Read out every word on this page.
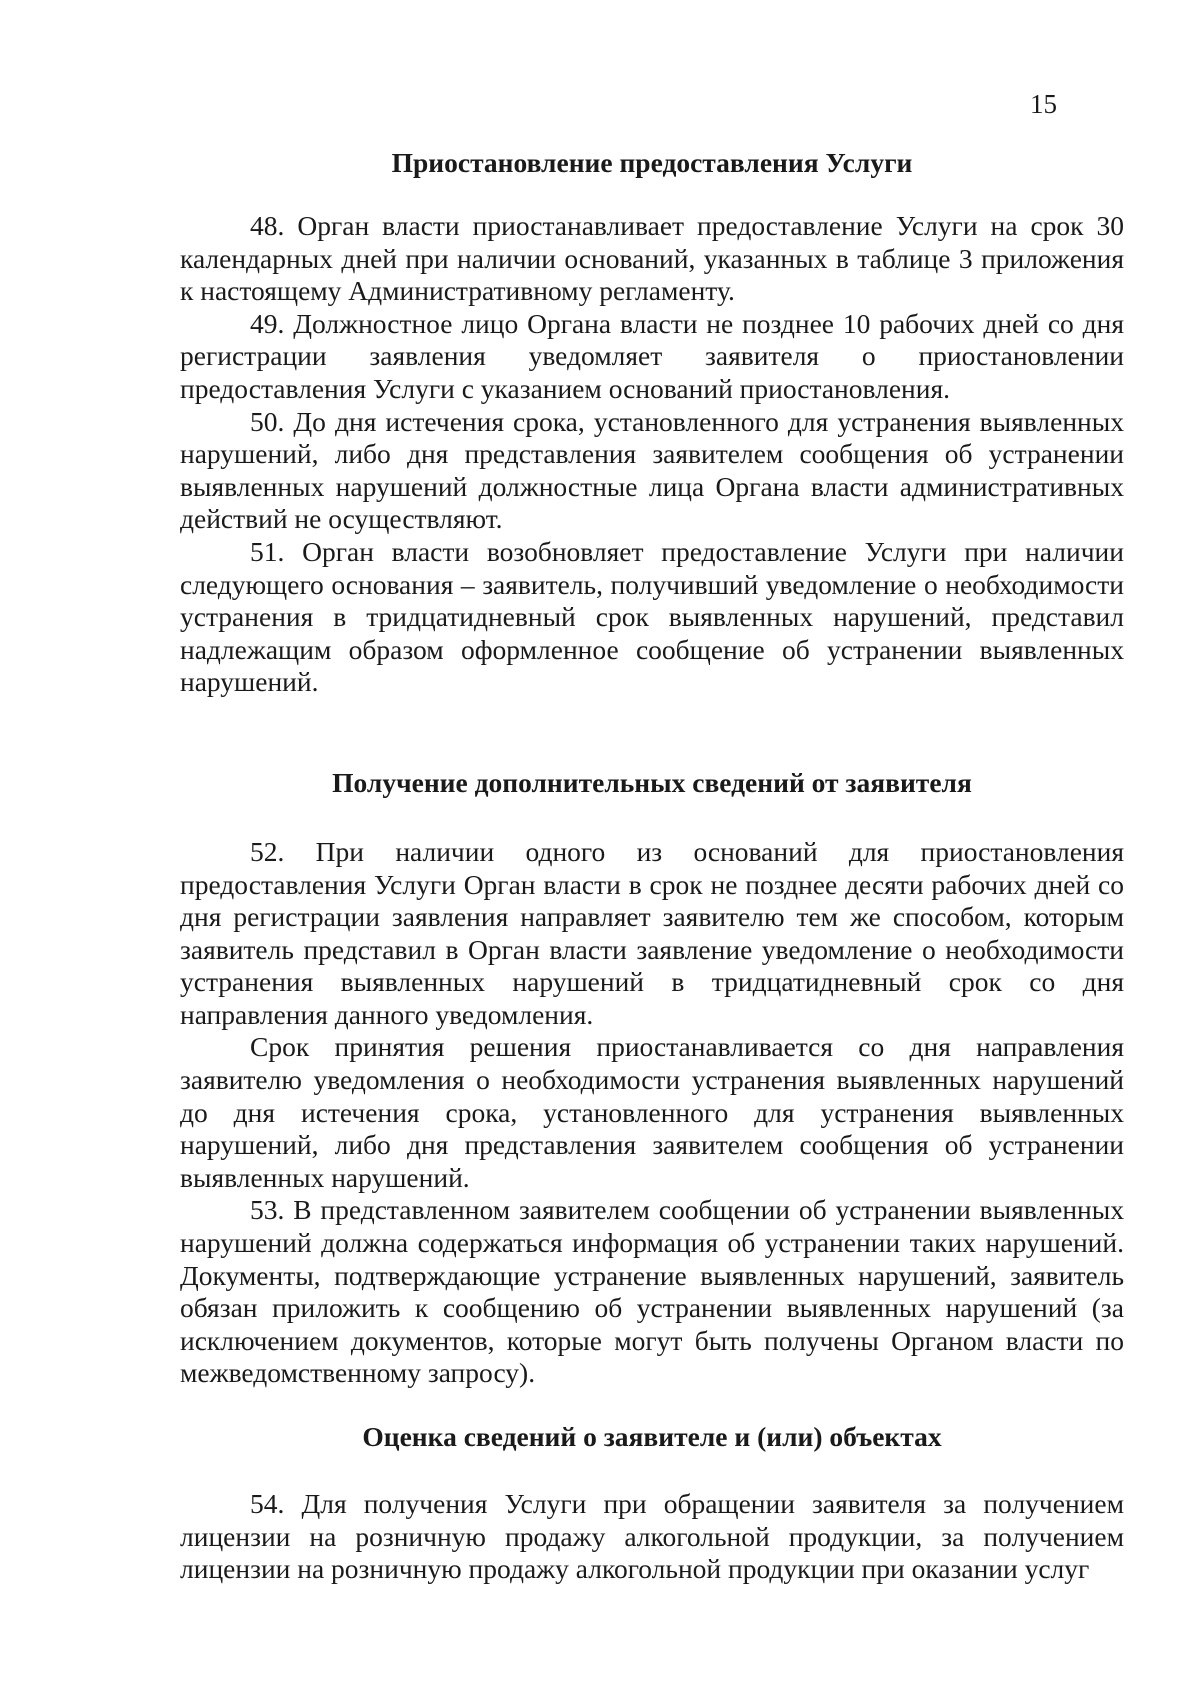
15
Приостановление предоставления Услуги

48. Орган власти приостанавливает предоставление Услуги на срок 30 календарных дней при наличии оснований, указанных в таблице 3 приложения к настоящему Административному регламенту.

49. Должностное лицо Органа власти не позднее 10 рабочих дней со дня регистрации заявления уведомляет заявителя о приостановлении предоставления Услуги с указанием оснований приостановления.

50. До дня истечения срока, установленного для устранения выявленных нарушений, либо дня представления заявителем сообщения об устранении выявленных нарушений должностные лица Органа власти административных действий не осуществляют.

51. Орган власти возобновляет предоставление Услуги при наличии следующего основания – заявитель, получивший уведомление о необходимости устранения в тридцатидневный срок выявленных нарушений, представил надлежащим образом оформленное сообщение об устранении выявленных нарушений.

Получение дополнительных сведений от заявителя

52. При наличии одного из оснований для приостановления предоставления Услуги Орган власти в срок не позднее десяти рабочих дней со дня регистрации заявления направляет заявителю тем же способом, которым заявитель представил в Орган власти заявление уведомление о необходимости устранения выявленных нарушений в тридцатидневный срок со дня направления данного уведомления.

Срок принятия решения приостанавливается со дня направления заявителю уведомления о необходимости устранения выявленных нарушений до дня истечения срока, установленного для устранения выявленных нарушений, либо дня представления заявителем сообщения об устранении выявленных нарушений.

53. В представленном заявителем сообщении об устранении выявленных нарушений должна содержаться информация об устранении таких нарушений. Документы, подтверждающие устранение выявленных нарушений, заявитель обязан приложить к сообщению об устранении выявленных нарушений (за исключением документов, которые могут быть получены Органом власти по межведомственному запросу).

Оценка сведений о заявителе и (или) объектах

54. Для получения Услуги при обращении заявителя за получением лицензии на розничную продажу алкогольной продукции, за получением лицензии на розничную продажу алкогольной продукции при оказании услуг
